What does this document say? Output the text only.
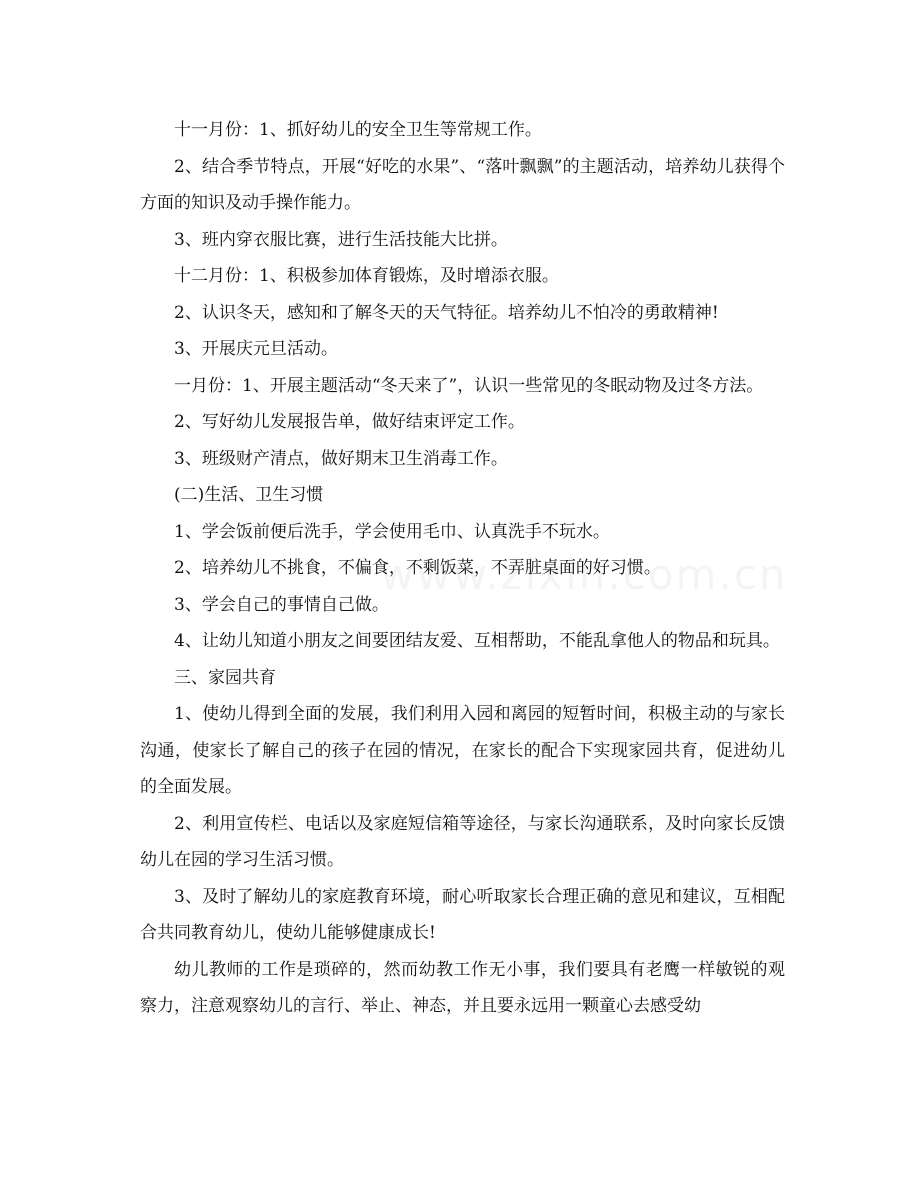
十一月份：1、抓好幼儿的安全卫生等常规工作。

2、结合季节特点，开展“好吃的水果”、“落叶飘飘”的主题活动，培养幼儿获得个方面的知识及动手操作能力。

3、班内穿衣服比赛，进行生活技能大比拼。

十二月份：1、积极参加体育锻炼，及时增添衣服。

2、认识冬天，感知和了解冬天的天气特征。培养幼儿不怕冷的勇敢精神!

3、开展庆元旦活动。

一月份：1、开展主题活动“冬天来了”，认识一些常见的冬眠动物及过冬方法。

2、写好幼儿发展报告单，做好结束评定工作。

3、班级财产清点，做好期末卫生消毒工作。

(二)生活、卫生习惯

1、学会饭前便后洗手，学会使用毛巾、认真洗手不玩水。

2、培养幼儿不挑食，不偏食，不剩饭菜，不弄脏桌面的好习惯。

3、学会自己的事情自己做。

4、让幼儿知道小朋友之间要团结友爱、互相帮助，不能乱拿他人的物品和玩具。

三、家园共育

1、使幼儿得到全面的发展，我们利用入园和离园的短暂时间，积极主动的与家长沟通，使家长了解自己的孩子在园的情况，在家长的配合下实现家园共育，促进幼儿的全面发展。

2、利用宣传栏、电话以及家庭短信箱等途径，与家长沟通联系，及时向家长反馈幼儿在园的学习生活习惯。

3、及时了解幼儿的家庭教育环境，耐心听取家长合理正确的意见和建议，互相配合共同教育幼儿，使幼儿能够健康成长!

幼儿教师的工作是琐碎的，然而幼教工作无小事，我们要具有老鹰一样敏锐的观察力，注意观察幼儿的言行、举止、神态，并且要永远用一颗童心去感受幼
